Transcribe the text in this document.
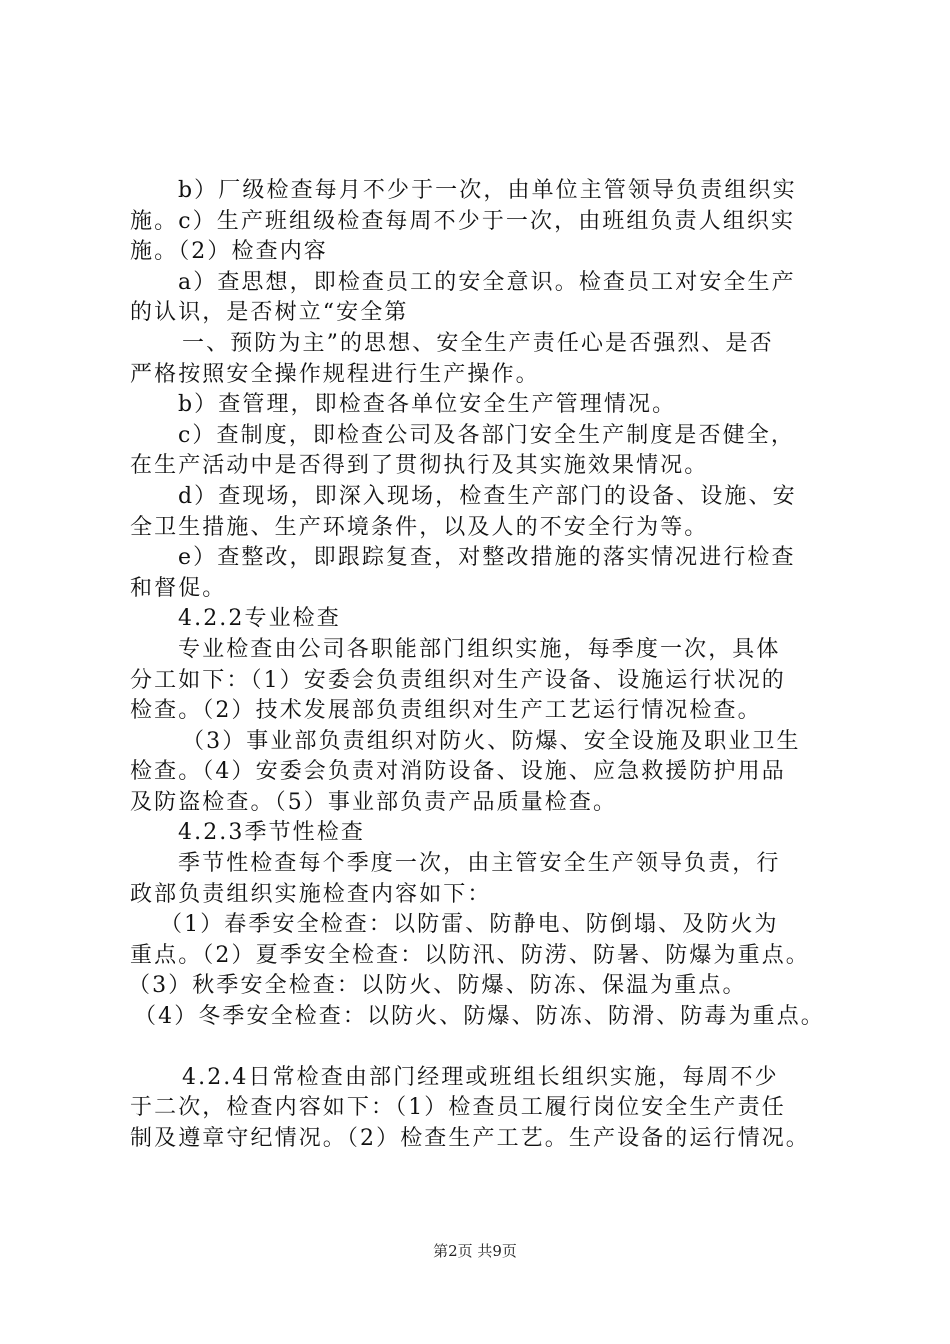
b）厂级检查每月不少于一次，由单位主管领导负责组织实
施。c）生产班组级检查每周不少于一次，由班组负责人组织实
施。（2）检查内容
a）查思想，即检查员工的安全意识。检查员工对安全生产
的认识，是否树立“安全第
一、预防为主”的思想、安全生产责任心是否强烈、是否
严格按照安全操作规程进行生产操作。
b）查管理，即检查各单位安全生产管理情况。
c）查制度，即检查公司及各部门安全生产制度是否健全，
在生产活动中是否得到了贯彻执行及其实施效果情况。
d）查现场，即深入现场，检查生产部门的设备、设施、安
全卫生措施、生产环境条件，以及人的不安全行为等。
e）查整改，即跟踪复查，对整改措施的落实情况进行检查
和督促。
4.2.2专业检查
专业检查由公司各职能部门组织实施，每季度一次，具体
分工如下：（1）安委会负责组织对生产设备、设施运行状况的
检查。（2）技术发展部负责组织对生产工艺运行情况检查。
（3）事业部负责组织对防火、防爆、安全设施及职业卫生
检查。（4）安委会负责对消防设备、设施、应急救援防护用品
及防盗检查。（5）事业部负责产品质量检查。
4.2.3季节性检查
季节性检查每个季度一次，由主管安全生产领导负责，行
政部负责组织实施检查内容如下：
（1）春季安全检查：以防雷、防静电、防倒塌、及防火为
重点。（2）夏季安全检查：以防汛、防涝、防暑、防爆为重点。
（3）秋季安全检查：以防火、防爆、防冻、保温为重点。
（4）冬季安全检查：以防火、防爆、防冻、防滑、防毒为重点。
4.2.4日常检查由部门经理或班组长组织实施，每周不少
于二次，检查内容如下：（1）检查员工履行岗位安全生产责任
制及遵章守纪情况。（2）检查生产工艺。生产设备的运行情况。
第2页 共9页
